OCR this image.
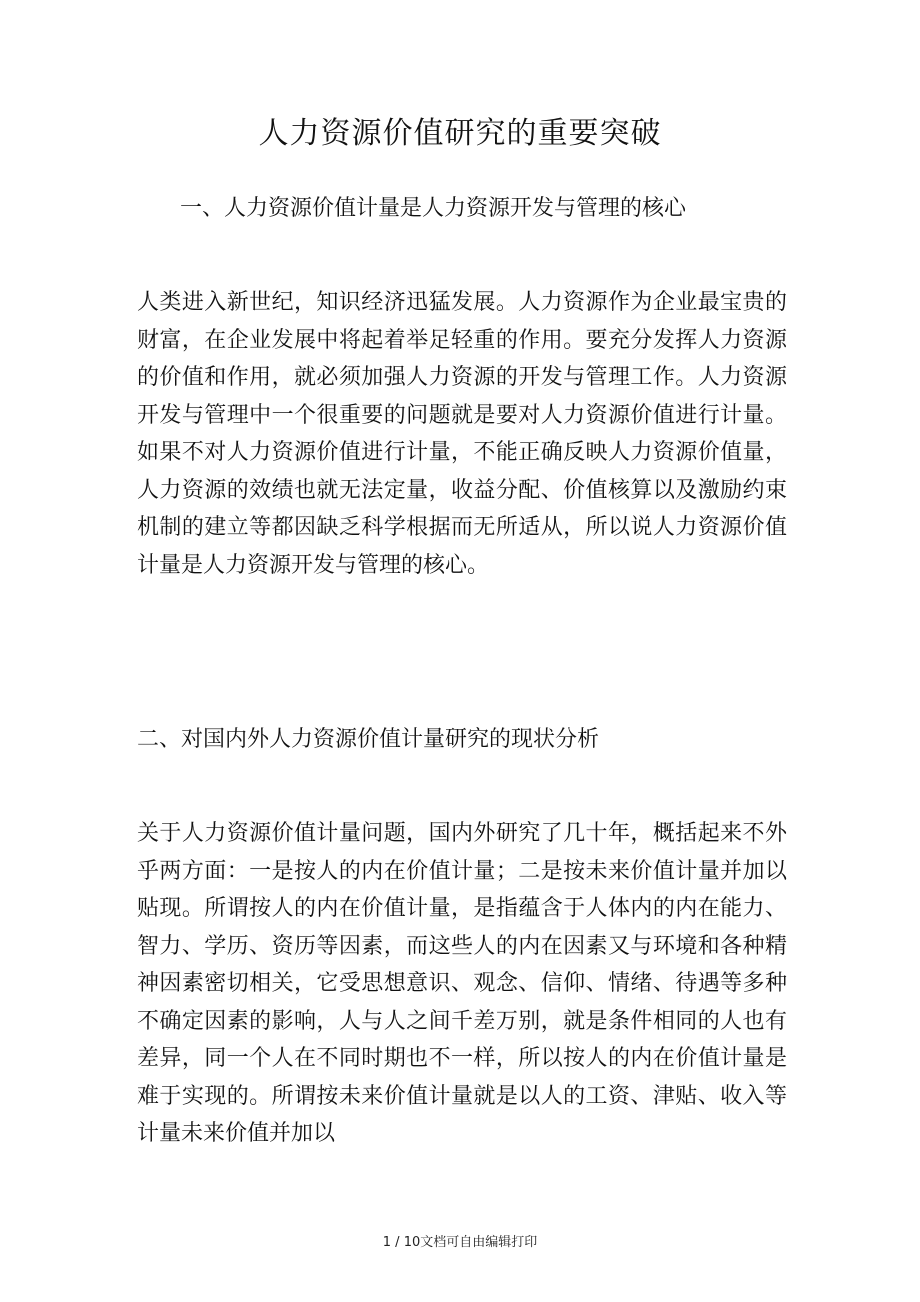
人力资源价值研究的重要突破
一、人力资源价值计量是人力资源开发与管理的核心

人类进入新世纪，知识经济迅猛发展。人力资源作为企业最宝贵的财富，在企业发展中将起着举足轻重的作用。要充分发挥人力资源的价值和作用，就必须加强人力资源的开发与管理工作。人力资源开发与管理中一个很重要的问题就是要对人力资源价值进行计量。如果不对人力资源价值进行计量，不能正确反映人力资源价值量，人力资源的效绩也就无法定量，收益分配、价值核算以及激励约束机制的建立等都因缺乏科学根据而无所适从，所以说人力资源价值计量是人力资源开发与管理的核心。

二、对国内外人力资源价值计量研究的现状分析

关于人力资源价值计量问题，国内外研究了几十年，概括起来不外乎两方面：一是按人的内在价值计量；二是按未来价值计量并加以贴现。所谓按人的内在价值计量，是指蕴含于人体内的内在能力、智力、学历、资历等因素，而这些人的内在因素又与环境和各种精神因素密切相关，它受思想意识、观念、信仰、情绪、待遇等多种不确定因素的影响，人与人之间千差万别，就是条件相同的人也有差异，同一个人在不同时期也不一样，所以按人的内在价值计量是难于实现的。所谓按未来价值计量就是以人的工资、津贴、收入等计量未来价值并加以

1 / 10文档可自由编辑打印
